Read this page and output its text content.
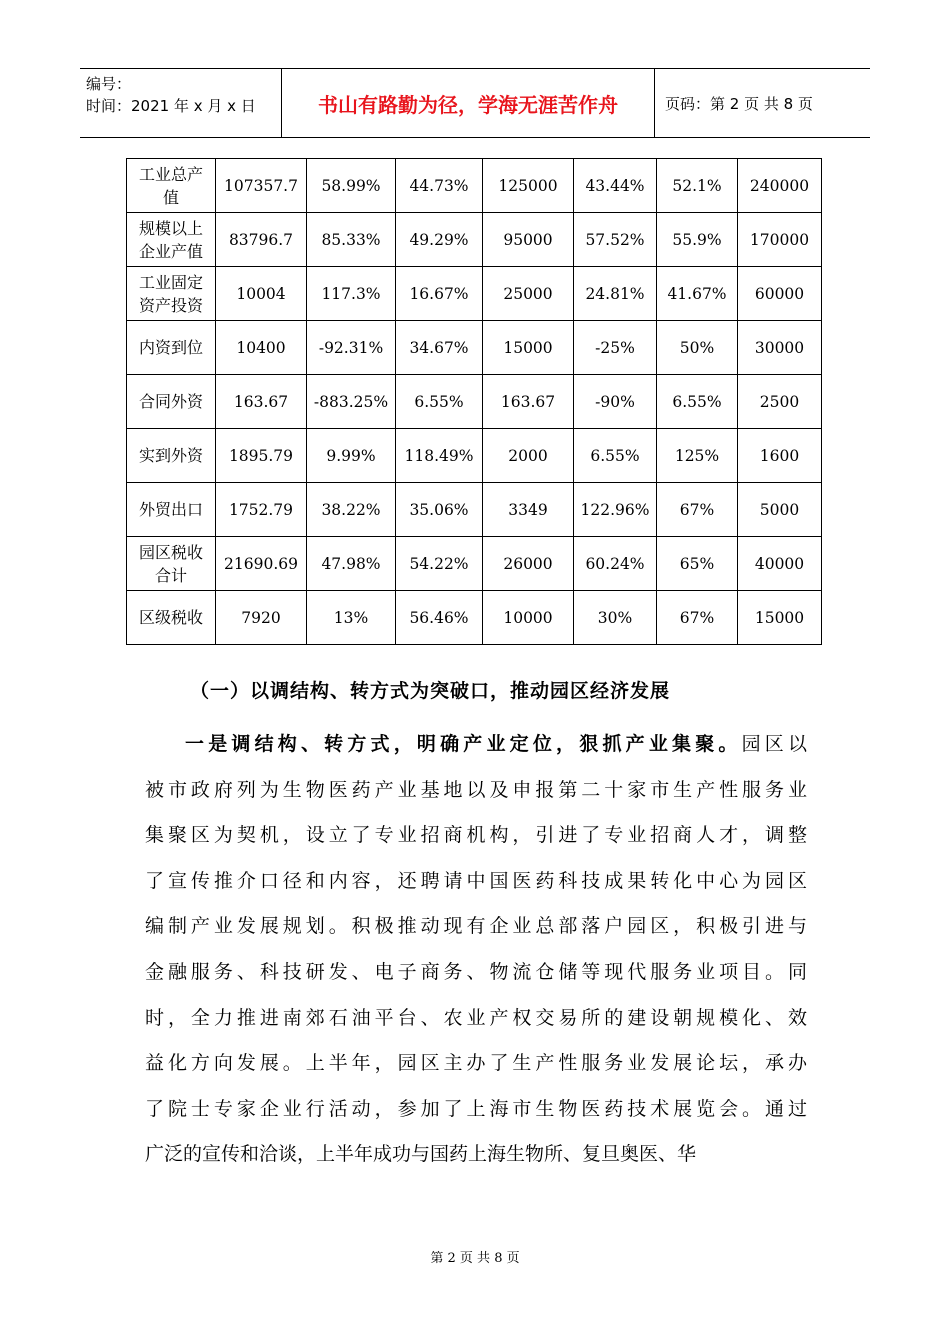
编号：
时间：2021 年 x 月 x 日	书山有路勤为径，学海无涯苦作舟	页码：第 2 页 共 8 页
工业总产
值	107357.7	58.99%	44.73%	125000	43.44%	52.1%	240000

规模以上
企业产值	83796.7	85.33%	49.29%	95000	57.52%	55.9%	170000

工业固定
资产投资	10004	117.3%	16.67%	25000	24.81%	41.67%	60000

内资到位	10400	-92.31%	34.67%	15000	-25%	50%	30000

合同外资	163.67	-883.25%	6.55%	163.67	-90%	6.55%	2500

实到外资	1895.79	9.99%	118.49%	2000	6.55%	125%	1600

外贸出口	1752.79	38.22%	35.06%	3349	122.96%	67%	5000

园区税收
合计	21690.69	47.98%	54.22%	26000	60.24%	65%	40000

区级税收	7920	13%	56.46%	10000	30%	67%	15000
（一）以调结构、转方式为突破口，推动园区经济发展
一是调结构、转方式，明确产业定位，狠抓产业集聚。园区以
被市政府列为生物医药产业基地以及申报第二十家市生产性服务业
集聚区为契机，设立了专业招商机构，引进了专业招商人才，调整
了宣传推介口径和内容，还聘请中国医药科技成果转化中心为园区
编制产业发展规划。积极推动现有企业总部落户园区，积极引进与
金融服务、科技研发、电子商务、物流仓储等现代服务业项目。同
时，全力推进南郊石油平台、农业产权交易所的建设朝规模化、效
益化方向发展。上半年，园区主办了生产性服务业发展论坛，承办
了院士专家企业行活动，参加了上海市生物医药技术展览会。通过
广泛的宣传和洽谈，上半年成功与国药上海生物所、复旦奥医、华
第 2 页 共 8 页
